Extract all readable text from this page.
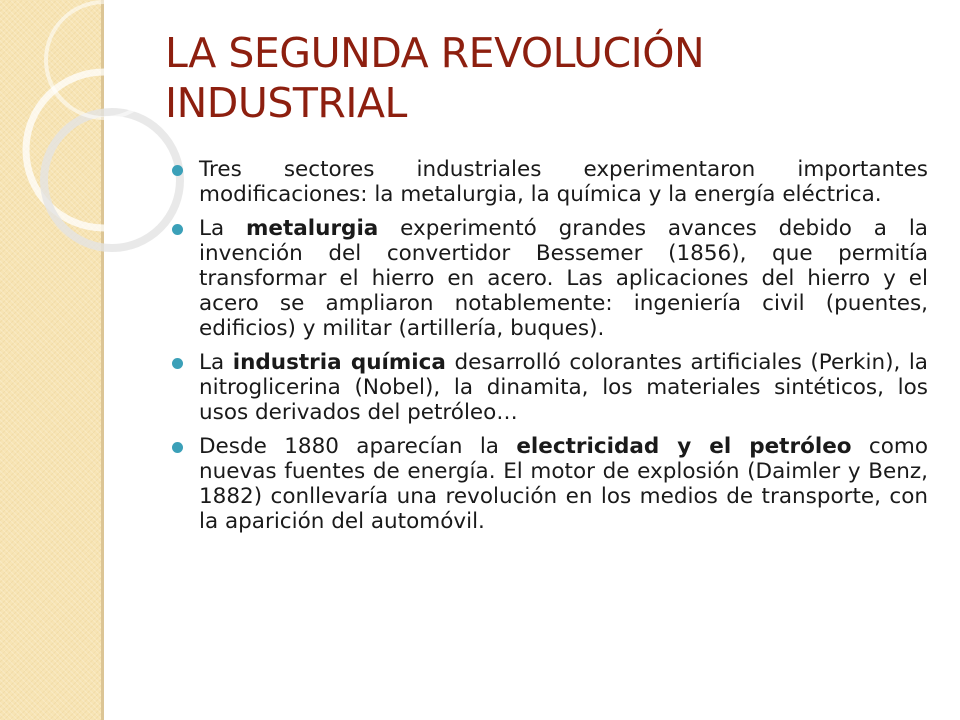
LA SEGUNDA REVOLUCIÓN INDUSTRIAL
Tres sectores industriales experimentaron importantes modificaciones: la metalurgia, la química y la energía eléctrica.
La metalurgia experimentó grandes avances debido a la invención del convertidor Bessemer (1856), que permitía transformar el hierro en acero. Las aplicaciones del hierro y el acero se ampliaron notablemente: ingeniería civil (puentes, edificios) y militar (artillería, buques).
La industria química desarrolló colorantes artificiales (Perkin), la nitroglicerina (Nobel), la dinamita, los materiales sintéticos, los usos derivados del petróleo…
Desde 1880 aparecían la electricidad y el petróleo como nuevas fuentes de energía. El motor de explosión (Daimler y Benz, 1882) conllevaría una revolución en los medios de transporte, con la aparición del automóvil.
